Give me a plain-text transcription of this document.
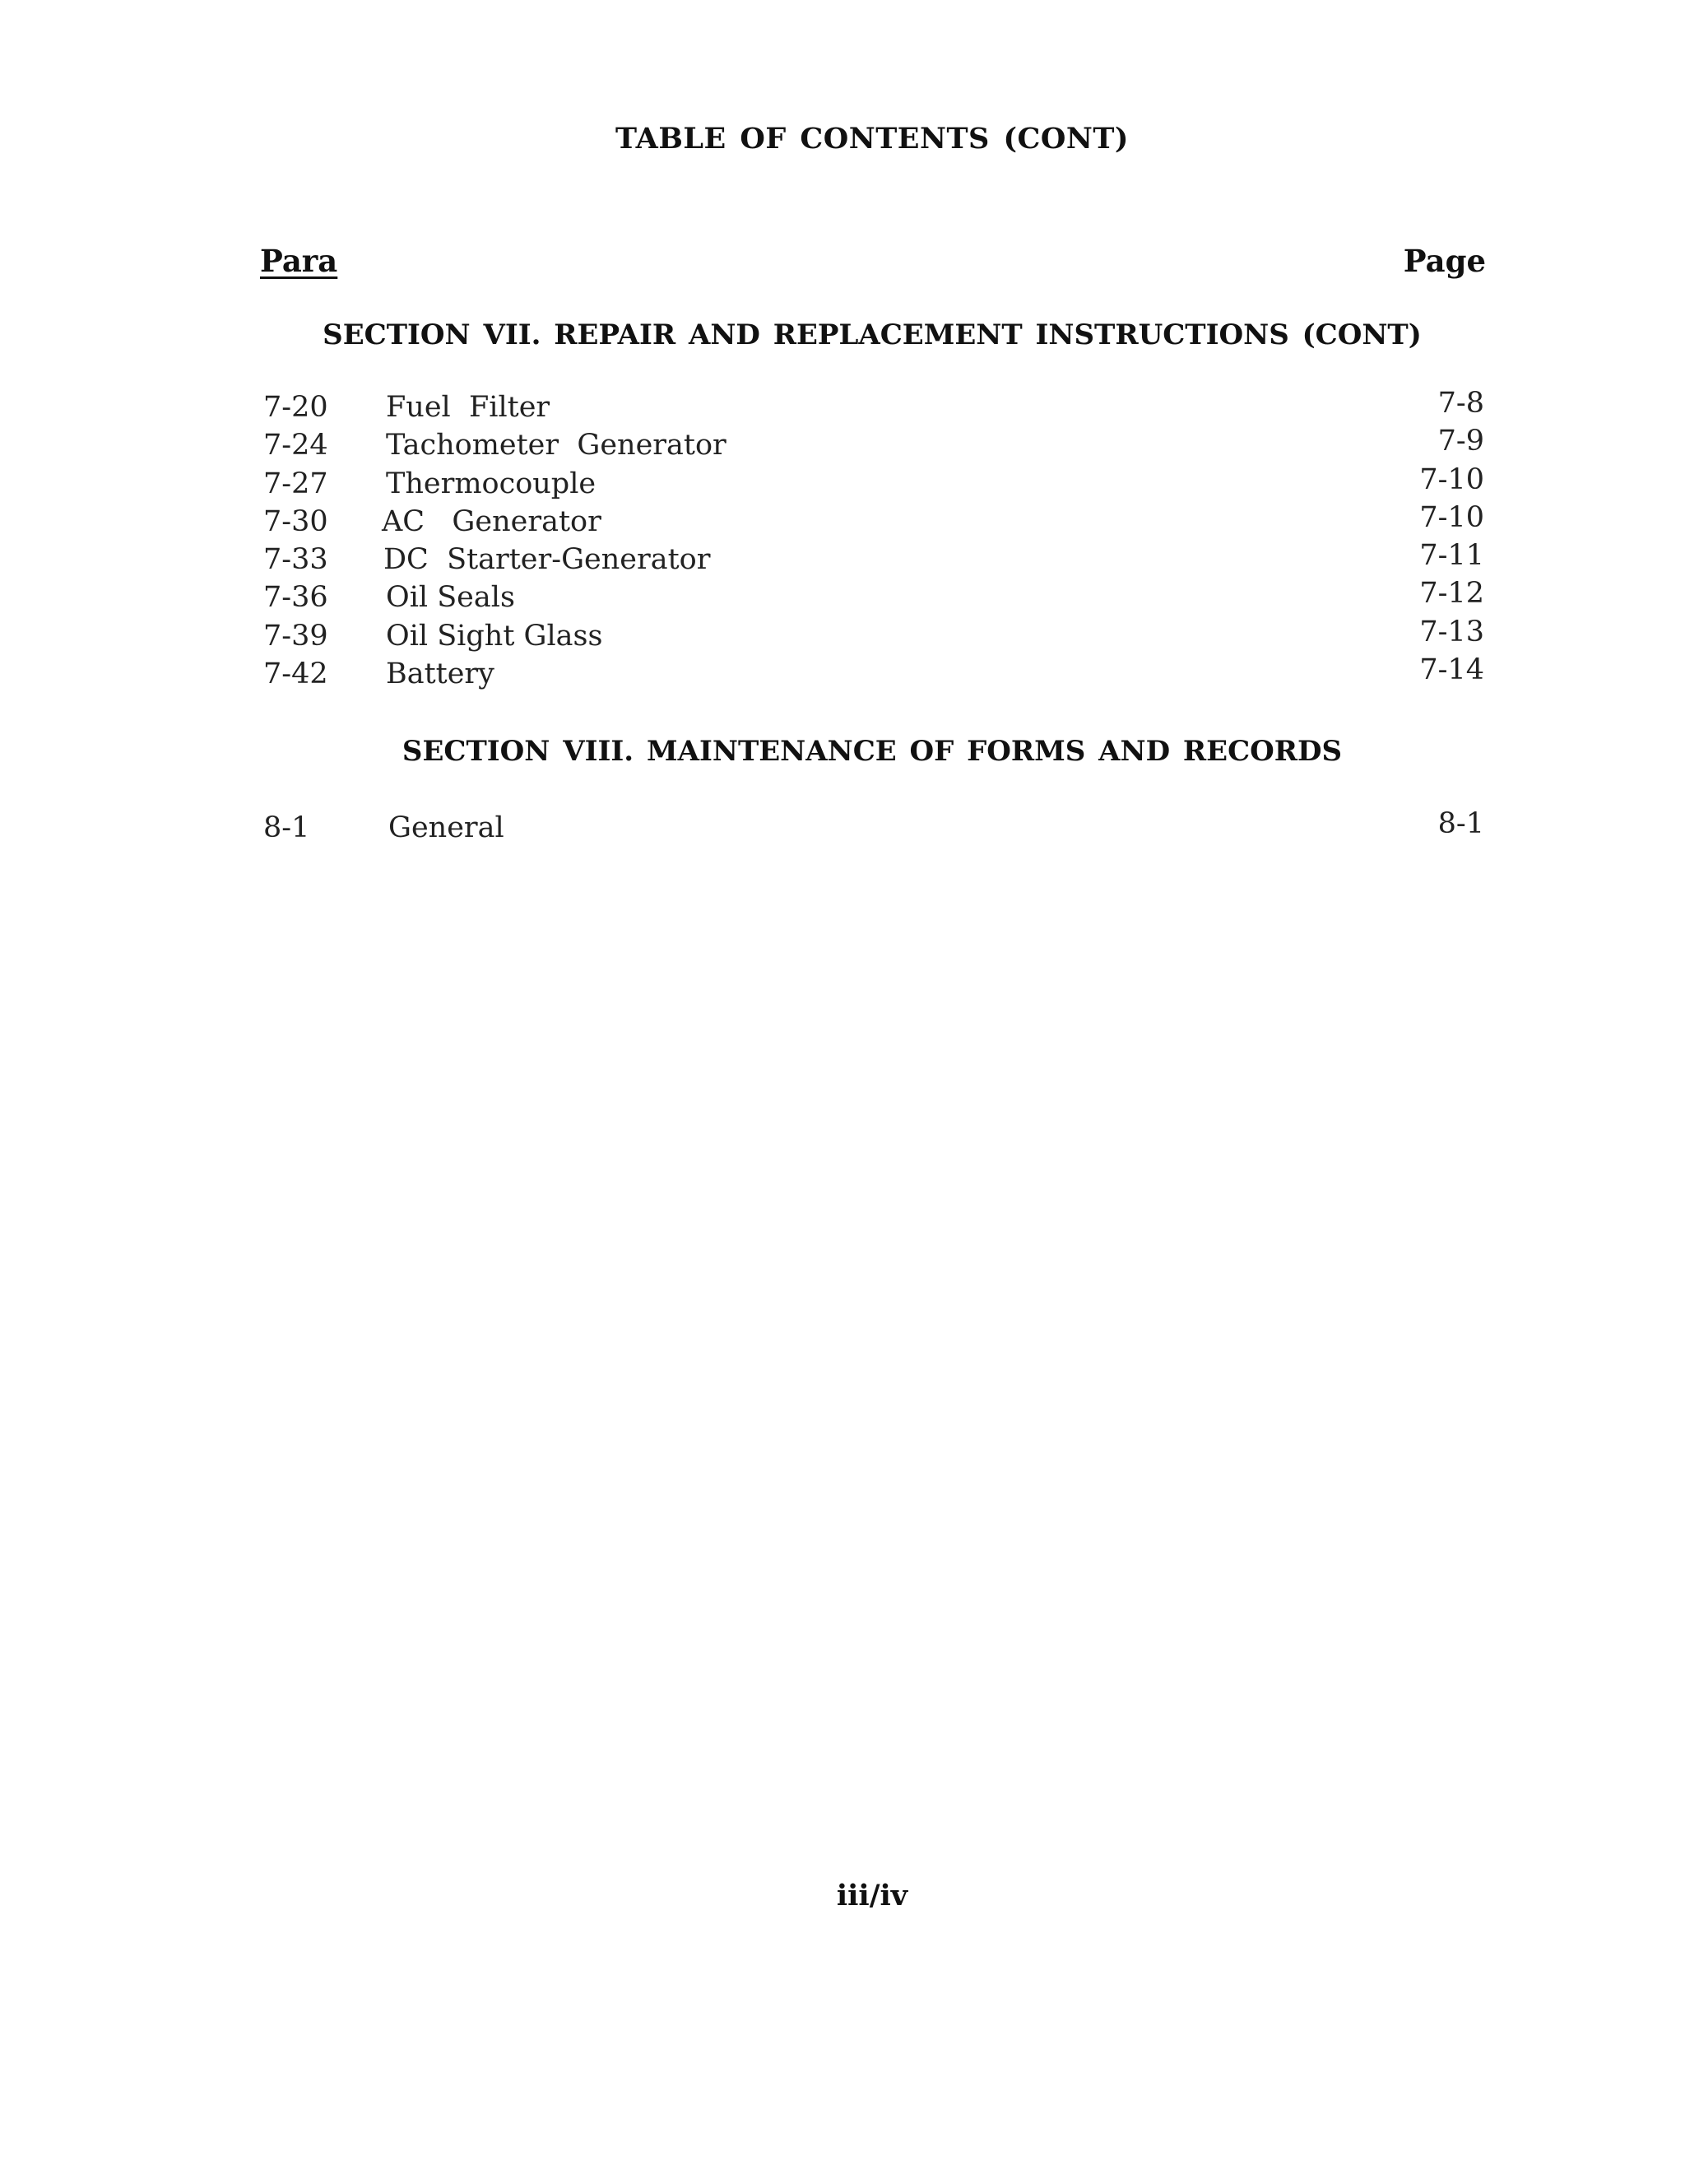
TABLE OF CONTENTS (CONT)
Para	Page
SECTION VII. REPAIR AND REPLACEMENT INSTRUCTIONS (CONT)
7-20 Fuel  Filter	7-8
7-24 Tachometer  Generator	7-9
7-27 Thermocouple	7-10
7-30 AC   Generator	7-10
7-33 DC  Starter-Generator	7-11
7-36 Oil Seals	7-12
7-39 Oil Sight Glass	7-13
7-42 Battery	7-14
SECTION VIII. MAINTENANCE OF FORMS AND RECORDS
8-1	General	8-1
iii/iv
